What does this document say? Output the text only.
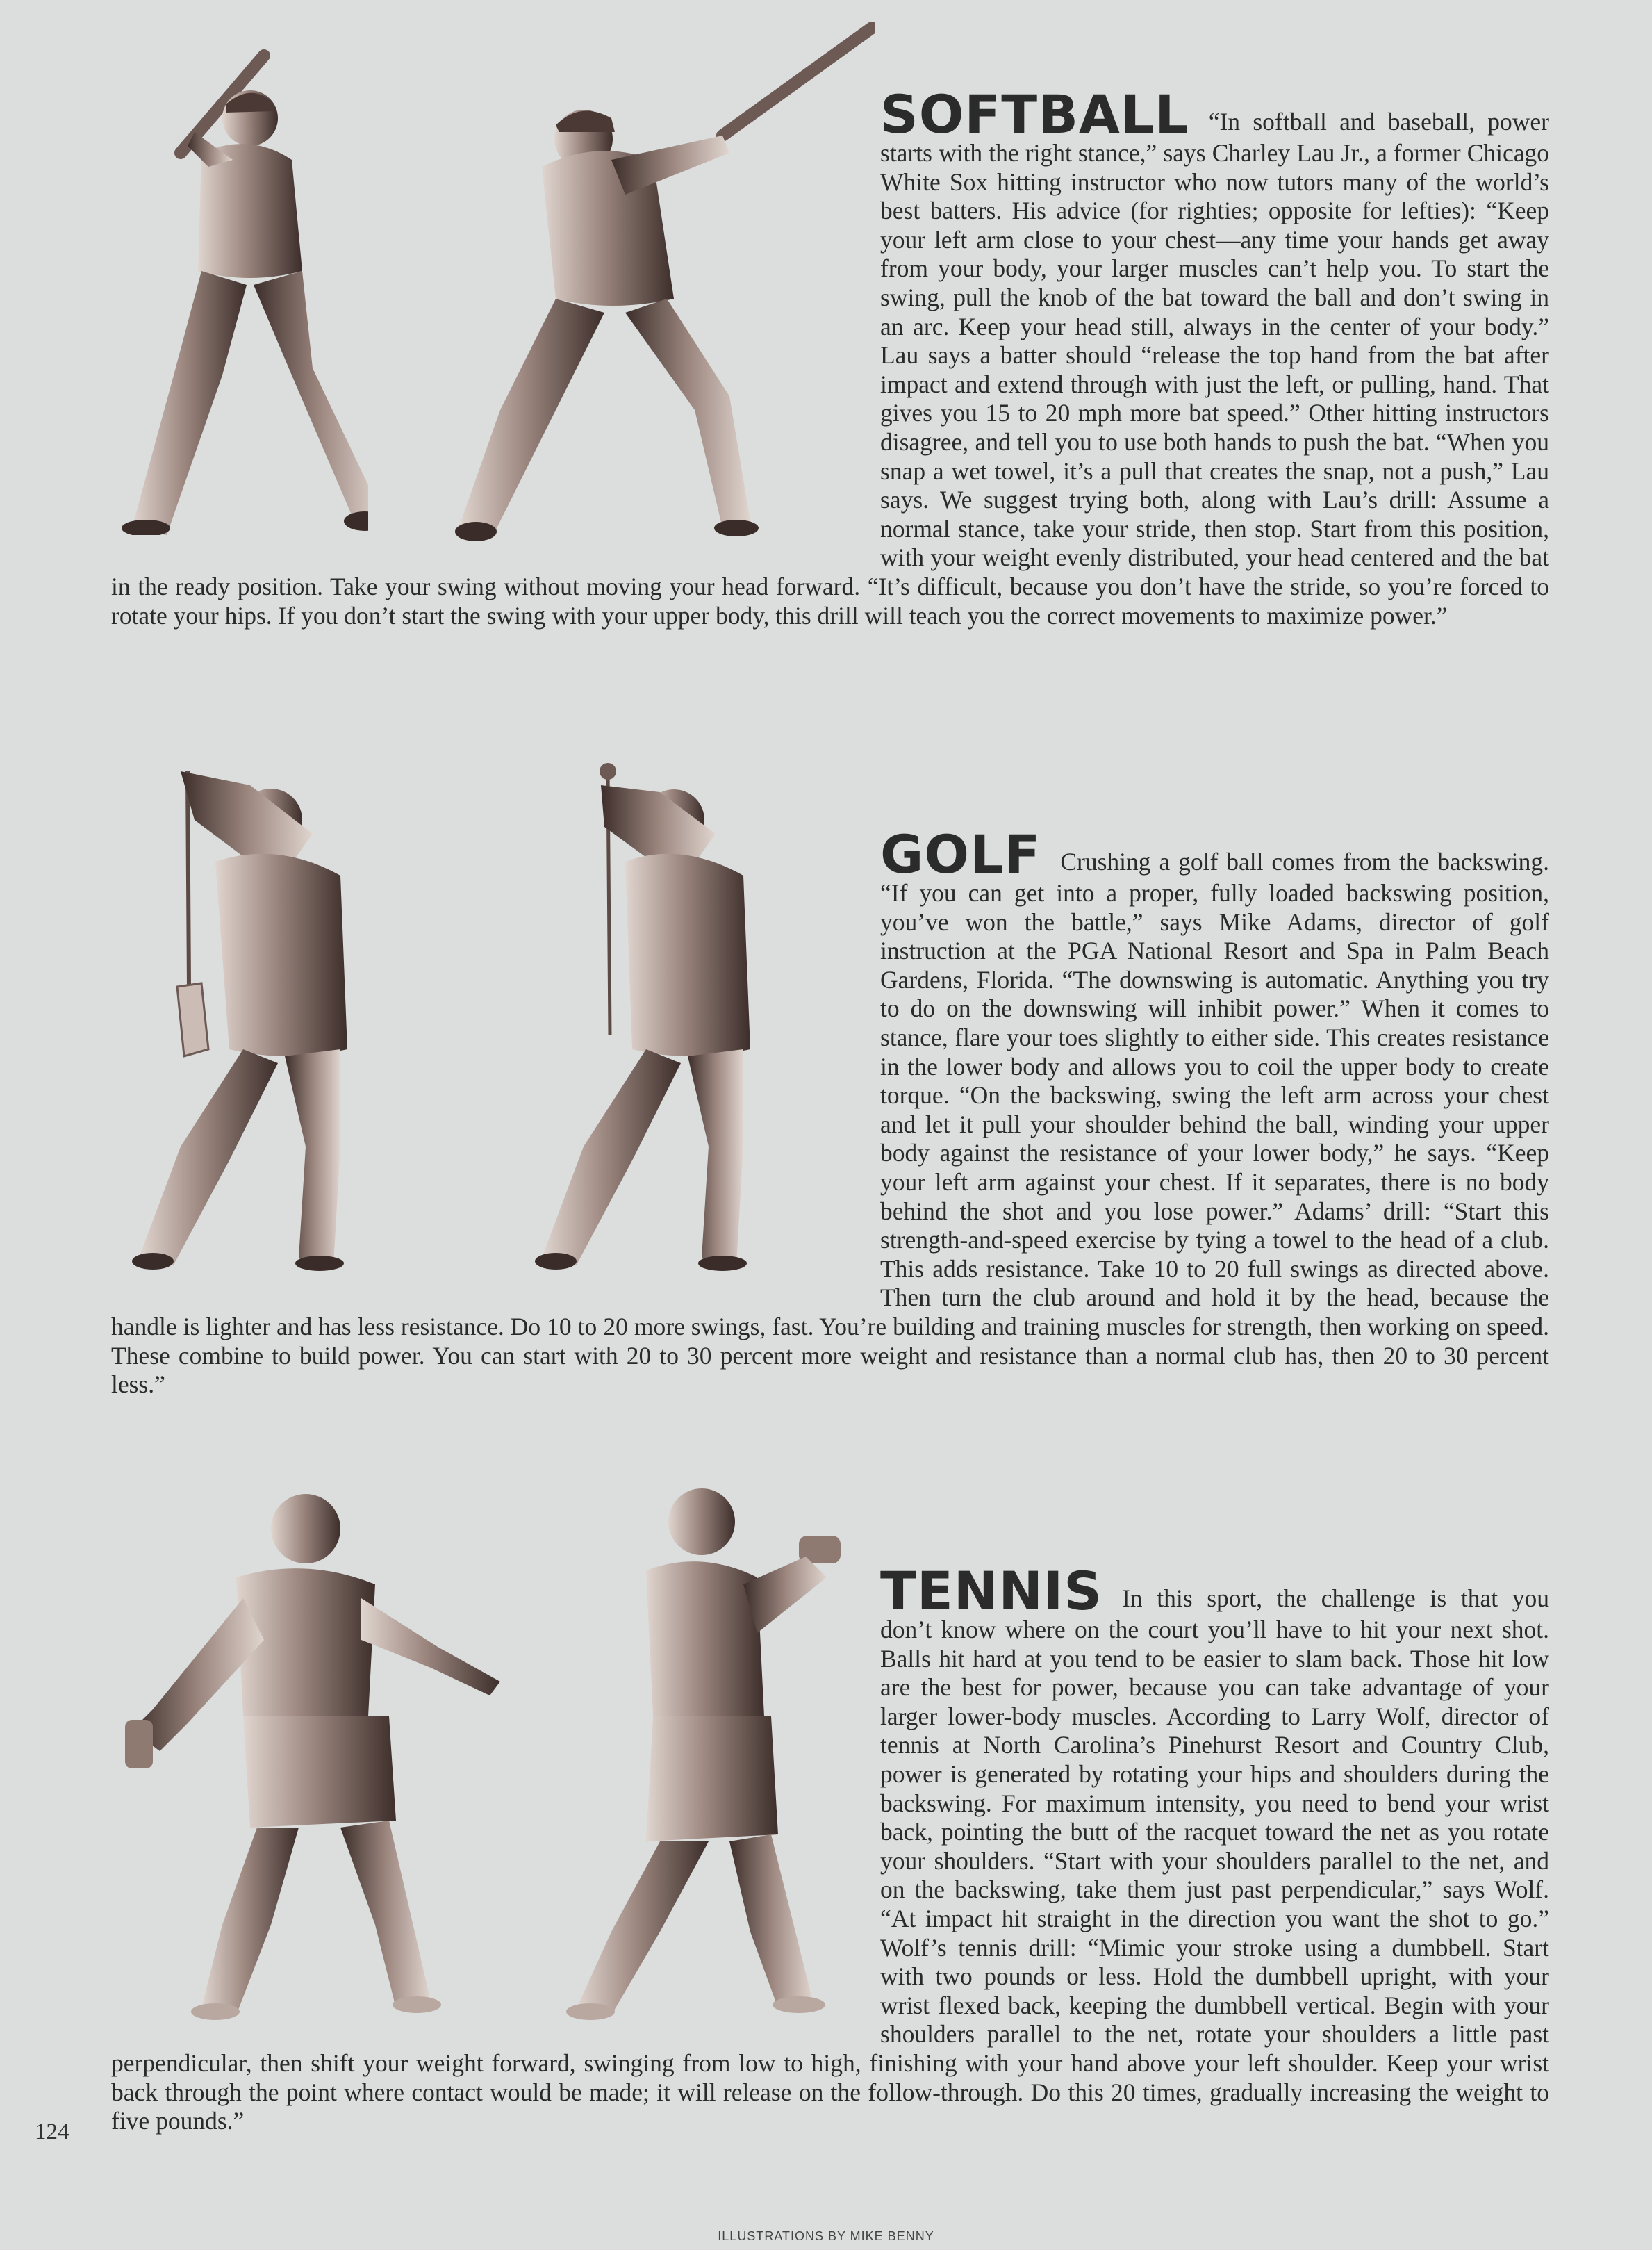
SOFTBALL “In softball and baseball, power starts with the right stance,” says Charley Lau Jr., a former Chicago White Sox hitting instructor who now tutors many of the world’s best batters. His advice (for righties; opposite for lefties): “Keep your left arm close to your chest—any time your hands get away from your body, your larger muscles can’t help you. To start the swing, pull the knob of the bat toward the ball and don’t swing in an arc. Keep your head still, always in the center of your body.” Lau says a batter should “release the top hand from the bat after impact and extend through with just the left, or pulling, hand. That gives you 15 to 20 mph more bat speed.” Other hitting instructors disagree, and tell you to use both hands to push the bat. “When you snap a wet towel, it’s a pull that creates the snap, not a push,” Lau says. We suggest trying both, along with Lau’s drill: Assume a normal stance, take your stride, then stop. Start from this position, with your weight evenly distributed, your head centered and the bat in the ready position. Take your swing without moving your head forward. “It’s difficult, because you don’t have the stride, so you’re forced to rotate your hips. If you don’t start the swing with your upper body, this drill will teach you the correct movements to maximize power.”
GOLF Crushing a golf ball comes from the backswing. “If you can get into a proper, fully loaded backswing position, you’ve won the battle,” says Mike Adams, director of golf instruction at the PGA National Resort and Spa in Palm Beach Gardens, Florida. “The downswing is automatic. Anything you try to do on the downswing will inhibit power.” When it comes to stance, flare your toes slightly to either side. This creates resistance in the lower body and allows you to coil the upper body to create torque. “On the backswing, swing the left arm across your chest and let it pull your shoulder behind the ball, winding your upper body against the resistance of your lower body,” he says. “Keep your left arm against your chest. If it separates, there is no body behind the shot and you lose power.” Adams’ drill: “Start this strength-and-speed exercise by tying a towel to the head of a club. This adds resistance. Take 10 to 20 full swings as directed above. Then turn the club around and hold it by the head, because the handle is lighter and has less resistance. Do 10 to 20 more swings, fast. You’re building and training muscles for strength, then working on speed. These combine to build power. You can start with 20 to 30 percent more weight and resistance than a normal club has, then 20 to 30 percent less.”
TENNIS In this sport, the challenge is that you don’t know where on the court you’ll have to hit your next shot. Balls hit hard at you tend to be easier to slam back. Those hit low are the best for power, because you can take advantage of your larger lower-body muscles. According to Larry Wolf, director of tennis at North Carolina’s Pinehurst Resort and Country Club, power is generated by rotating your hips and shoulders during the backswing. For maximum intensity, you need to bend your wrist back, pointing the butt of the racquet toward the net as you rotate your shoulders. “Start with your shoulders parallel to the net, and on the backswing, take them just past perpendicular,” says Wolf. “At impact hit straight in the direction you want the shot to go.” Wolf’s tennis drill: “Mimic your stroke using a dumbbell. Start with two pounds or less. Hold the dumbbell upright, with your wrist flexed back, keeping the dumbbell vertical. Begin with your shoulders parallel to the net, rotate your shoulders a little past perpendicular, then shift your weight forward, swinging from low to high, finishing with your hand above your left shoulder. Keep your wrist back through the point where contact would be made; it will release on the follow-through. Do this 20 times, gradually increasing the weight to five pounds.”
124
ILLUSTRATIONS BY MIKE BENNY
